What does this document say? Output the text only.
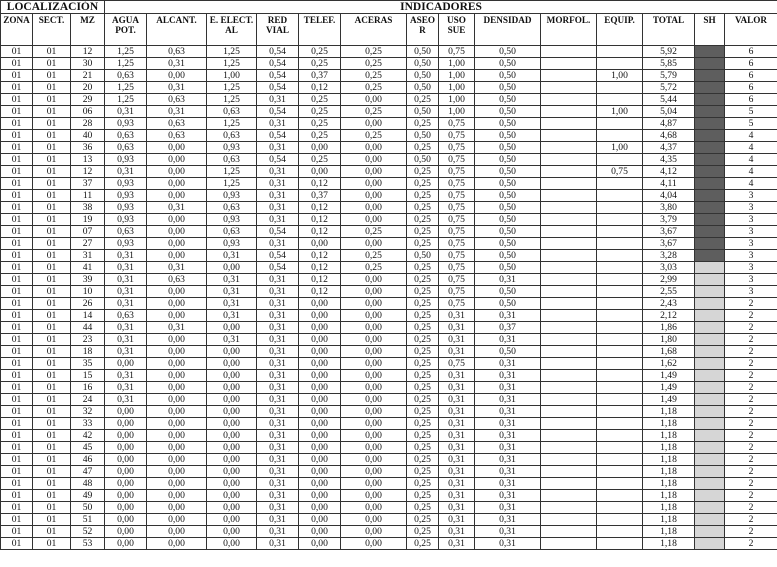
LOCALIZACIÓN			INDICADORES													
ZONA	SECT.	MZ	AGUA POT.	ALCANT.	E. ELECT. AL	RED VIAL	TELEF.	ACERAS	ASEO R	USO SUE	DENSIDAD	MORFOL.	EQUIP.	TOTAL	SH	VALOR
01	01	12	1,25	0,63	1,25	0,54	0,25	0,25	0,50	0,75	0,50			5,92		6
01	01	30	1,25	0,31	1,25	0,54	0,25	0,25	0,50	1,00	0,50			5,85		6
01	01	21	0,63	0,00	1,00	0,54	0,37	0,25	0,50	1,00	0,50		1,00	5,79		6
01	01	20	1,25	0,31	1,25	0,54	0,12	0,25	0,50	1,00	0,50			5,72		6
01	01	29	1,25	0,63	1,25	0,31	0,25	0,00	0,25	1,00	0,50			5,44		6
01	01	06	0,31	0,31	0,63	0,54	0,25	0,25	0,50	1,00	0,50		1,00	5,04		5
01	01	28	0,93	0,63	1,25	0,31	0,25	0,00	0,25	0,75	0,50			4,87		5
01	01	40	0,63	0,63	0,63	0,54	0,25	0,25	0,50	0,75	0,50			4,68		4
01	01	36	0,63	0,00	0,93	0,31	0,00	0,00	0,25	0,75	0,50		1,00	4,37		4
01	01	13	0,93	0,00	0,63	0,54	0,25	0,00	0,50	0,75	0,50			4,35		4
01	01	12	0,31	0,00	1,25	0,31	0,00	0,00	0,25	0,75	0,50		0,75	4,12		4
01	01	37	0,93	0,00	1,25	0,31	0,12	0,00	0,25	0,75	0,50			4,11		4
01	01	11	0,93	0,00	0,93	0,31	0,37	0,00	0,25	0,75	0,50			4,04		3
01	01	38	0,93	0,31	0,63	0,31	0,12	0,00	0,25	0,75	0,50			3,80		3
01	01	19	0,93	0,00	0,93	0,31	0,12	0,00	0,25	0,75	0,50			3,79		3
01	01	07	0,63	0,00	0,63	0,54	0,12	0,25	0,25	0,75	0,50			3,67		3
01	01	27	0,93	0,00	0,93	0,31	0,00	0,00	0,25	0,75	0,50			3,67		3
01	01	31	0,31	0,00	0,31	0,54	0,12	0,25	0,50	0,75	0,50			3,28		3
01	01	41	0,31	0,31	0,00	0,54	0,12	0,25	0,25	0,75	0,50			3,03		3
01	01	39	0,31	0,63	0,31	0,31	0,12	0,00	0,25	0,75	0,31			2,99		3
01	01	10	0,31	0,00	0,31	0,31	0,12	0,00	0,25	0,75	0,50			2,55		3
01	01	26	0,31	0,00	0,31	0,31	0,00	0,00	0,25	0,75	0,50			2,43		2
01	01	14	0,63	0,00	0,31	0,31	0,00	0,00	0,25	0,31	0,31			2,12		2
01	01	44	0,31	0,31	0,00	0,31	0,00	0,00	0,25	0,31	0,37			1,86		2
01	01	23	0,31	0,00	0,31	0,31	0,00	0,00	0,25	0,31	0,31			1,80		2
01	01	18	0,31	0,00	0,00	0,31	0,00	0,00	0,25	0,31	0,50			1,68		2
01	01	35	0,00	0,00	0,00	0,31	0,00	0,00	0,25	0,75	0,31			1,62		2
01	01	15	0,31	0,00	0,00	0,31	0,00	0,00	0,25	0,31	0,31			1,49		2
01	01	16	0,31	0,00	0,00	0,31	0,00	0,00	0,25	0,31	0,31			1,49		2
01	01	24	0,31	0,00	0,00	0,31	0,00	0,00	0,25	0,31	0,31			1,49		2
01	01	32	0,00	0,00	0,00	0,31	0,00	0,00	0,25	0,31	0,31			1,18		2
01	01	33	0,00	0,00	0,00	0,31	0,00	0,00	0,25	0,31	0,31			1,18		2
01	01	42	0,00	0,00	0,00	0,31	0,00	0,00	0,25	0,31	0,31			1,18		2
01	01	45	0,00	0,00	0,00	0,31	0,00	0,00	0,25	0,31	0,31			1,18		2
01	01	46	0,00	0,00	0,00	0,31	0,00	0,00	0,25	0,31	0,31			1,18		2
01	01	47	0,00	0,00	0,00	0,31	0,00	0,00	0,25	0,31	0,31			1,18		2
01	01	48	0,00	0,00	0,00	0,31	0,00	0,00	0,25	0,31	0,31			1,18		2
01	01	49	0,00	0,00	0,00	0,31	0,00	0,00	0,25	0,31	0,31			1,18		2
01	01	50	0,00	0,00	0,00	0,31	0,00	0,00	0,25	0,31	0,31			1,18		2
01	01	51	0,00	0,00	0,00	0,31	0,00	0,00	0,25	0,31	0,31			1,18		2
01	01	52	0,00	0,00	0,00	0,31	0,00	0,00	0,25	0,31	0,31			1,18		2
01	01	53	0,00	0,00	0,00	0,31	0,00	0,00	0,25	0,31	0,31			1,18		2
